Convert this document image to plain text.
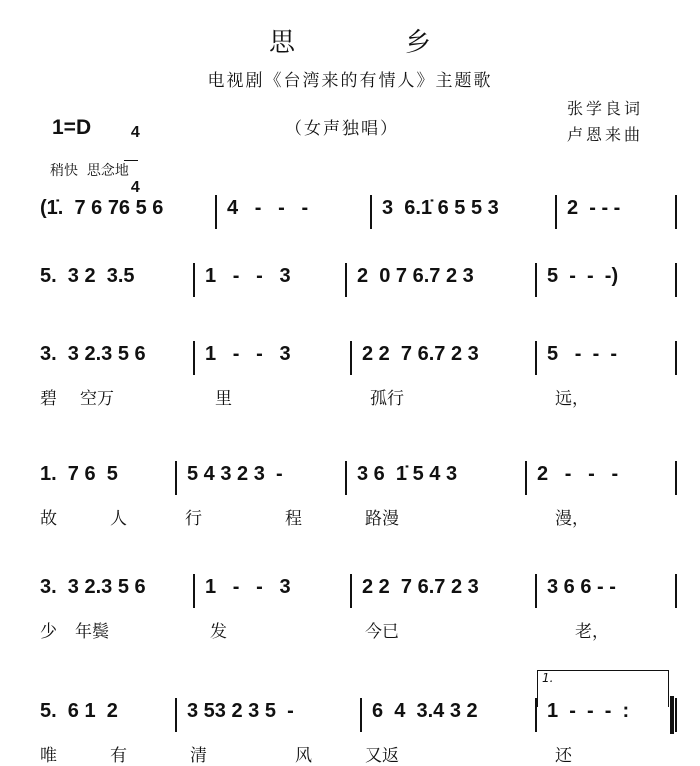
思乡
电视剧《台湾来的有情人》主题歌
1=D	4

4

（女声独唱）
张学良词
卢恩来曲
稍快  思念地
(1̇.  7 6 76 5 6	4   -   -   -	3  6.1̇ 6 5 5 3	2  - - -
5.  3 2  3.5	1   -   -   3	2  0 7 6.7 2 3	5  -  -  -)
3.  3 2.3 5 6	1   -   -   3	2 2  7 6.7 2 3	5   -  -  -
碧 空万	里	孤行	远，
1.  7 6  5	5 4 3 2 3  -	3 6  1̇ 5 4 3	2   -   -   -
故	人	行	程	路漫	漫，
3.  3 2.3 5 6	1   -   -   3	2 2  7 6.7 2 3	3 6 6 - -
少 年鬓	发	今已	老，
5.  6 1  2	3 53 2 3 5  -	6  4  3.4 3 2	1  -  -  -  :
唯	有	清	风	又返	还
1.
